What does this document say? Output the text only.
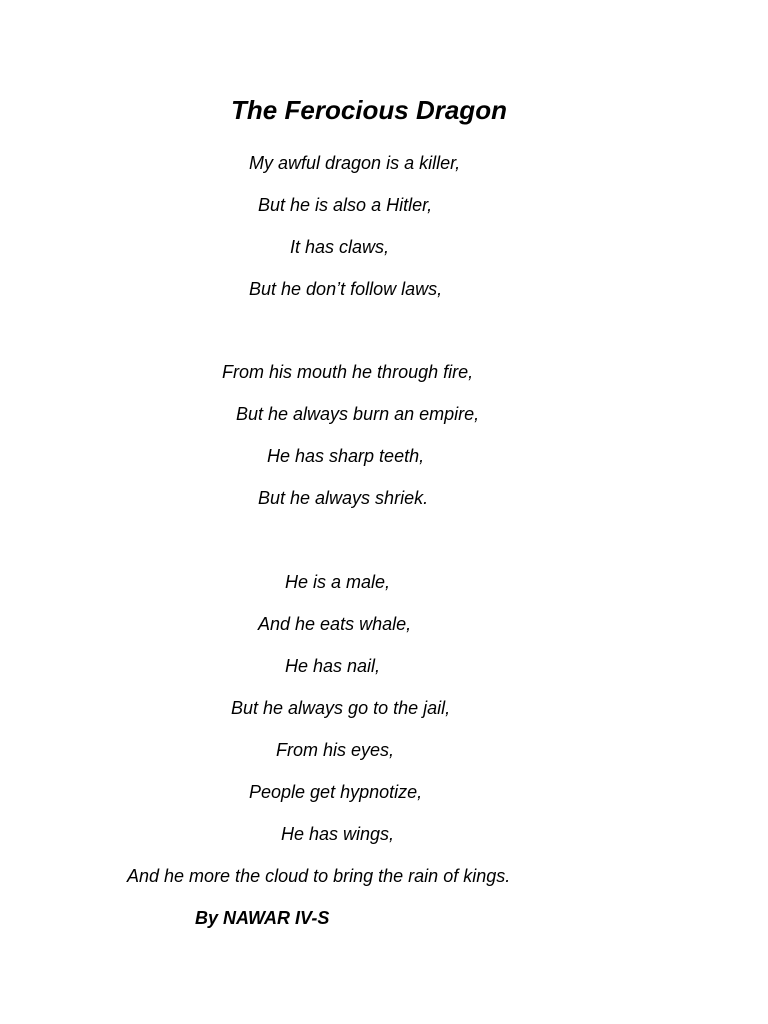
The Ferocious Dragon
My awful dragon is a killer,
But he is also a Hitler,
It has claws,
But he don’t follow laws,
From his mouth he through fire,
But he always burn an empire,
He has sharp teeth,
But he always shriek.
He is a male,
And he eats whale,
He has nail,
But he always go to the jail,
From his eyes,
People get hypnotize,
He has wings,
And he more the cloud to bring the rain of kings.
By NAWAR IV-S
